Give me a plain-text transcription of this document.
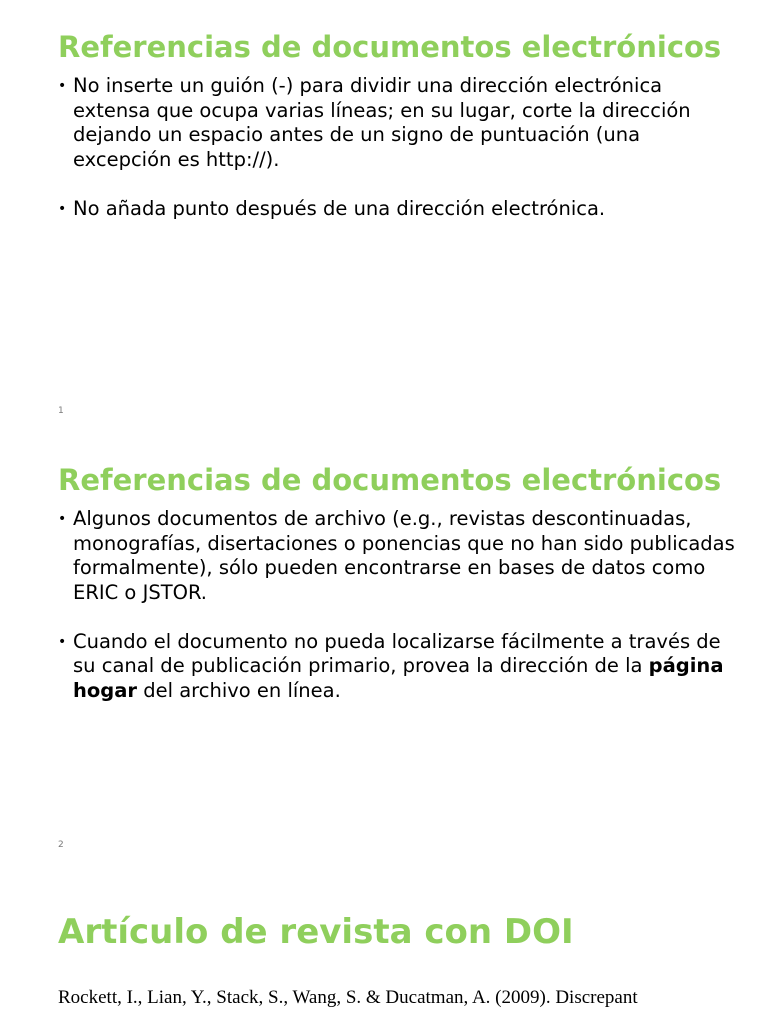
Referencias de documentos electrónicos
• No inserte un guión (-) para dividir una dirección electrónica extensa que ocupa varias líneas; en su lugar, corte la dirección dejando un espacio antes de un signo de puntuación (una excepción es http://).
• No añada punto después de una dirección electrónica.
1
Referencias de documentos electrónicos
• Algunos documentos de archivo (e.g., revistas descontinuadas, monografías, disertaciones o ponencias que no han sido publicadas formalmente), sólo pueden encontrarse en bases de datos como ERIC o JSTOR.
• Cuando el documento no pueda localizarse fácilmente a través de su canal de publicación primario, provea la dirección de la página hogar del archivo en línea.
2
Artículo de revista con DOI
Rockett, I., Lian, Y., Stack, S., Wang, S. & Ducatman, A. (2009). Discrepant
